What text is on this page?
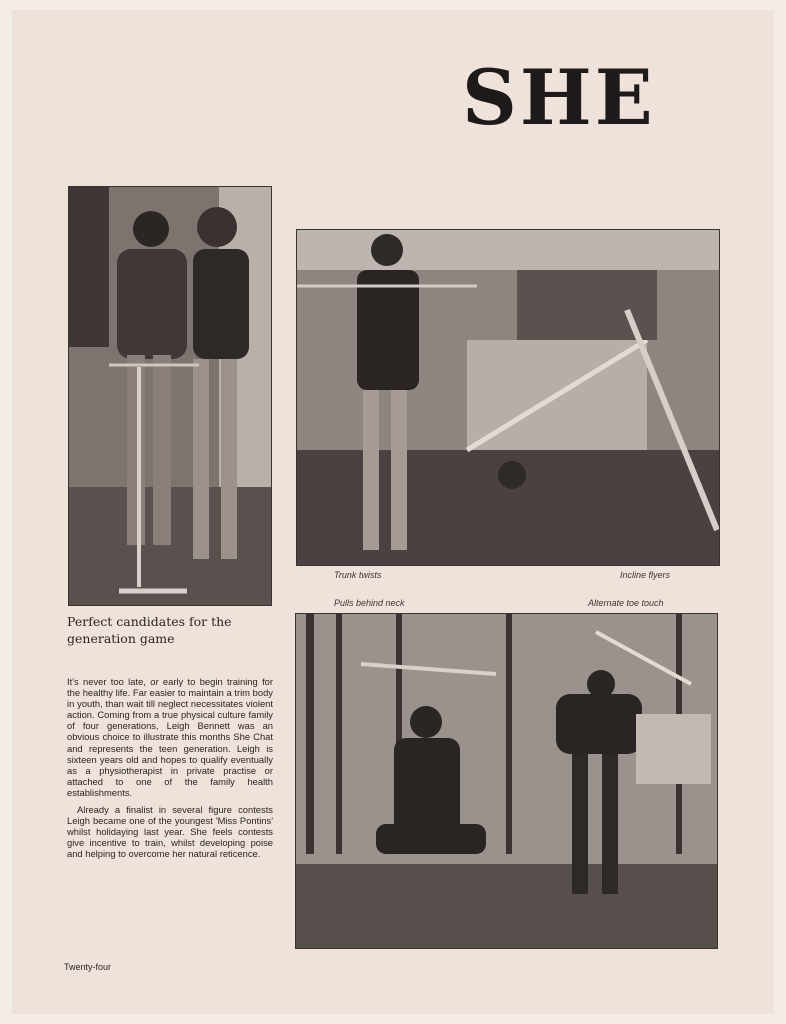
SHE
Trunk twists	Incline flyers
Pulls behind neck	Alternate toe touch
Perfect candidates for the
generation game

It's never too late, or early to begin training for the healthy life. Far easier to maintain a trim body in youth, than wait till neglect necessitates violent action. Coming from a true physical culture family of four generations, Leigh Bennett was an obvious choice to illustrate this months She Chat and represents the teen generation. Leigh is sixteen years old and hopes to qualify eventually as a physiotherapist in private practise or attached to one of the family health establishments.

Already a finalist in several figure contests Leigh became one of the youngest 'Miss Pontins' whilst holidaying last year. She feels contests give incentive to train, whilst developing poise and helping to overcome her natural reticence.

Twenty-four
